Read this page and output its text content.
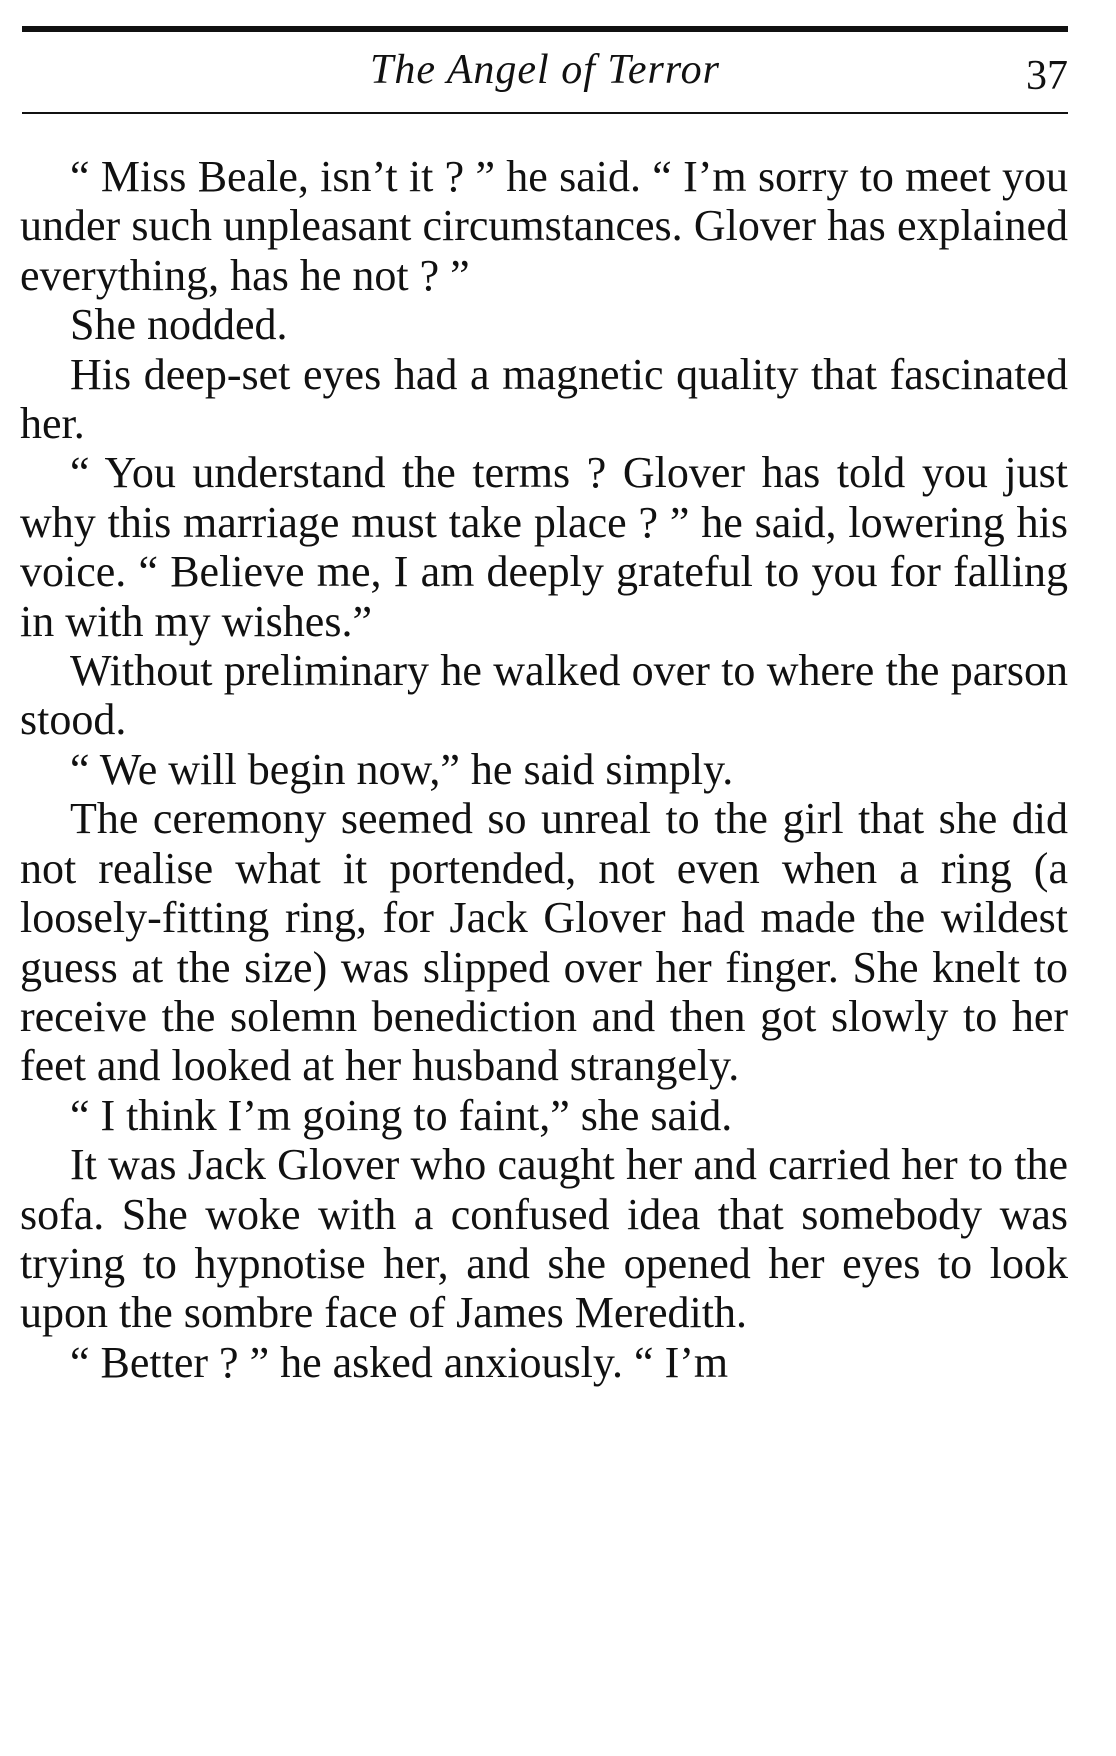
The Angel of Terror	37

“ Miss Beale, isn’t it ? ” he said. “ I’m sorry to meet you under such unpleasant circumstances. Glover has explained everything, has he not ? ”

She nodded.

His deep-set eyes had a magnetic quality that fascinated her.

“ You understand the terms ? Glover has told you just why this marriage must take place ? ” he said, lowering his voice. “ Believe me, I am deeply grateful to you for falling in with my wishes.”

Without preliminary he walked over to where the parson stood.

“ We will begin now,” he said simply.

The ceremony seemed so unreal to the girl that she did not realise what it portended, not even when a ring (a loosely-fitting ring, for Jack Glover had made the wildest guess at the size) was slipped over her finger. She knelt to receive the solemn benediction and then got slowly to her feet and looked at her husband strangely.

“ I think I’m going to faint,” she said.

It was Jack Glover who caught her and carried her to the sofa. She woke with a confused idea that somebody was trying to hypnotise her, and she opened her eyes to look upon the sombre face of James Meredith.

“ Better ? ” he asked anxiously. “ I’m
